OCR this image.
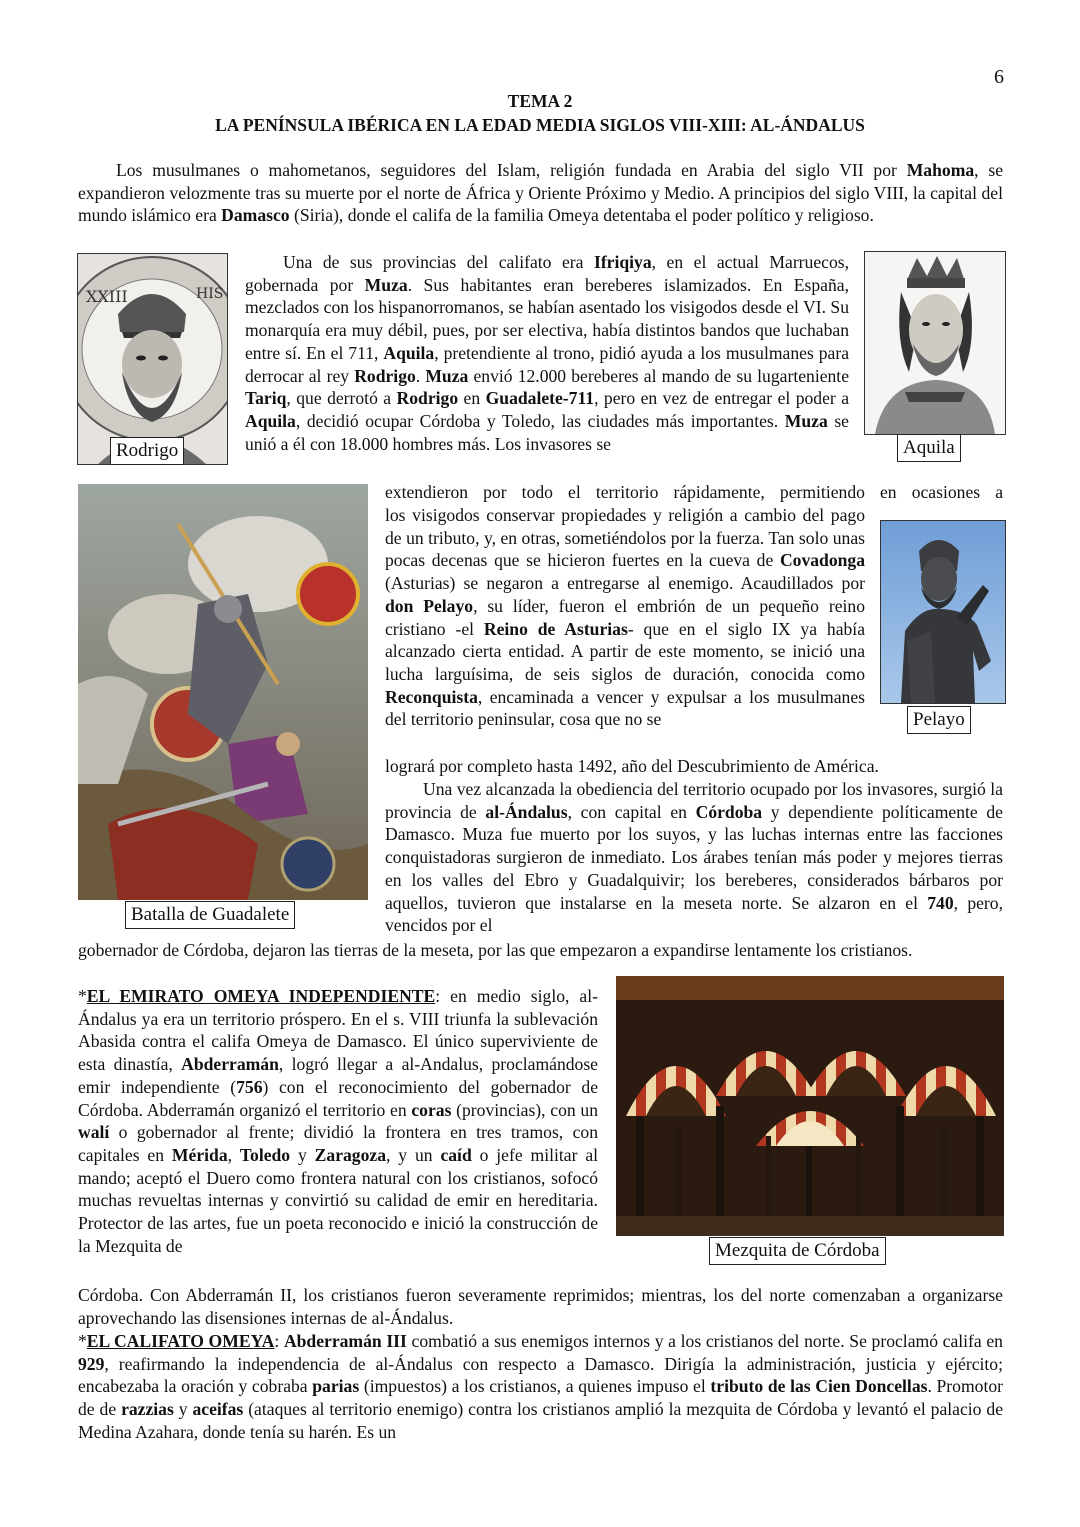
6
TEMA 2
LA PENÍNSULA IBÉRICA EN LA EDAD MEDIA SIGLOS VIII-XIII: AL-ÁNDALUS
Los musulmanes o mahometanos, seguidores del Islam, religión fundada en Arabia del siglo VII por Mahoma, se expandieron velozmente tras su muerte por el norte de África y Oriente Próximo y Medio. A principios del siglo VIII, la capital del mundo islámico era Damasco (Siria), donde el califa de la familia Omeya detentaba el poder político y religioso.
Una de sus provincias del califato era Ifriqiya, en el actual Marruecos, gobernada por Muza. Sus habitantes eran bereberes islamizados. En España, mezclados con los hispanorromanos, se habían asentado los visigodos desde el VI. Su monarquía era muy débil, pues, por ser electiva, había distintos bandos que luchaban entre sí. En el 711, Aquila, pretendiente al trono, pidió ayuda a los musulmanes para derrocar al rey Rodrigo. Muza envió 12.000 bereberes al mando de su lugarteniente Tariq, que derrotó a Rodrigo en Guadalete-711, pero en vez de entregar el poder a Aquila, decidió ocupar Córdoba y Toledo, las ciudades más importantes. Muza se unió a él con 18.000 hombres más. Los invasores se
extendieron por todo el territorio rápidamente, permitiendo en ocasiones a
los visigodos conservar propiedades y religión a cambio del pago de un tributo, y, en otras, sometiéndolos por la fuerza. Tan solo unas pocas decenas que se hicieron fuertes en la cueva de Covadonga (Asturias) se negaron a entregarse al enemigo. Acaudillados por don Pelayo, su líder, fueron el embrión de un pequeño reino cristiano -el Reino de Asturias- que en el siglo IX ya había alcanzado cierta entidad. A partir de este momento, se inició una lucha larguísima, de seis siglos de duración, conocida como Reconquista, encaminada a vencer y expulsar a los musulmanes del territorio peninsular, cosa que no se
logrará por completo hasta 1492, año del Descubrimiento de América.
Una vez alcanzada la obediencia del territorio ocupado por los invasores, surgió la provincia de al-Ándalus, con capital en Córdoba y dependiente políticamente de Damasco. Muza fue muerto por los suyos, y las luchas internas entre las facciones conquistadoras surgieron de inmediato. Los árabes tenían más poder y mejores tierras en los valles del Ebro y Guadalquivir; los bereberes, considerados bárbaros por aquellos, tuvieron que instalarse en la meseta norte. Se alzaron en el 740, pero, vencidos por el
gobernador de Córdoba, dejaron las tierras de la meseta, por las que empezaron a expandirse lentamente los cristianos.
*EL EMIRATO OMEYA INDEPENDIENTE: en medio siglo, al-Ándalus ya era un territorio próspero. En el s. VIII triunfa la sublevación Abasida contra el califa Omeya de Damasco. El único superviviente de esta dinastía, Abderramán, logró llegar a al-Andalus, proclamándose emir independiente (756) con el reconocimiento del gobernador de Córdoba. Abderramán organizó el territorio en coras (provincias), con un walí o gobernador al frente; dividió la frontera en tres tramos, con capitales en Mérida, Toledo y Zaragoza, y un caíd o jefe militar al mando; aceptó el Duero como frontera natural con los cristianos, sofocó muchas revueltas internas y convirtió su calidad de emir en hereditaria. Protector de las artes, fue un poeta reconocido e inició la construcción de la Mezquita de
Córdoba. Con Abderramán II, los cristianos fueron severamente reprimidos; mientras, los del norte comenzaban a organizarse aprovechando las disensiones internas de al-Ándalus.
*EL CALIFATO OMEYA: Abderramán III combatió a sus enemigos internos y a los cristianos del norte. Se proclamó califa en 929, reafirmando la independencia de al-Ándalus con respecto a Damasco. Dirigía la administración, justicia y ejército; encabezaba la oración y cobraba parias (impuestos) a los cristianos, a quienes impuso el tributo de las Cien Doncellas. Promotor de de razzias y aceifas (ataques al territorio enemigo) contra los cristianos amplió la mezquita de Córdoba y levantó el palacio de Medina Azahara, donde tenía su harén. Es un
XXIII	HIS
Rodrigo	Aquila
Batalla de Guadalete
Pelayo
Mezquita de Córdoba
